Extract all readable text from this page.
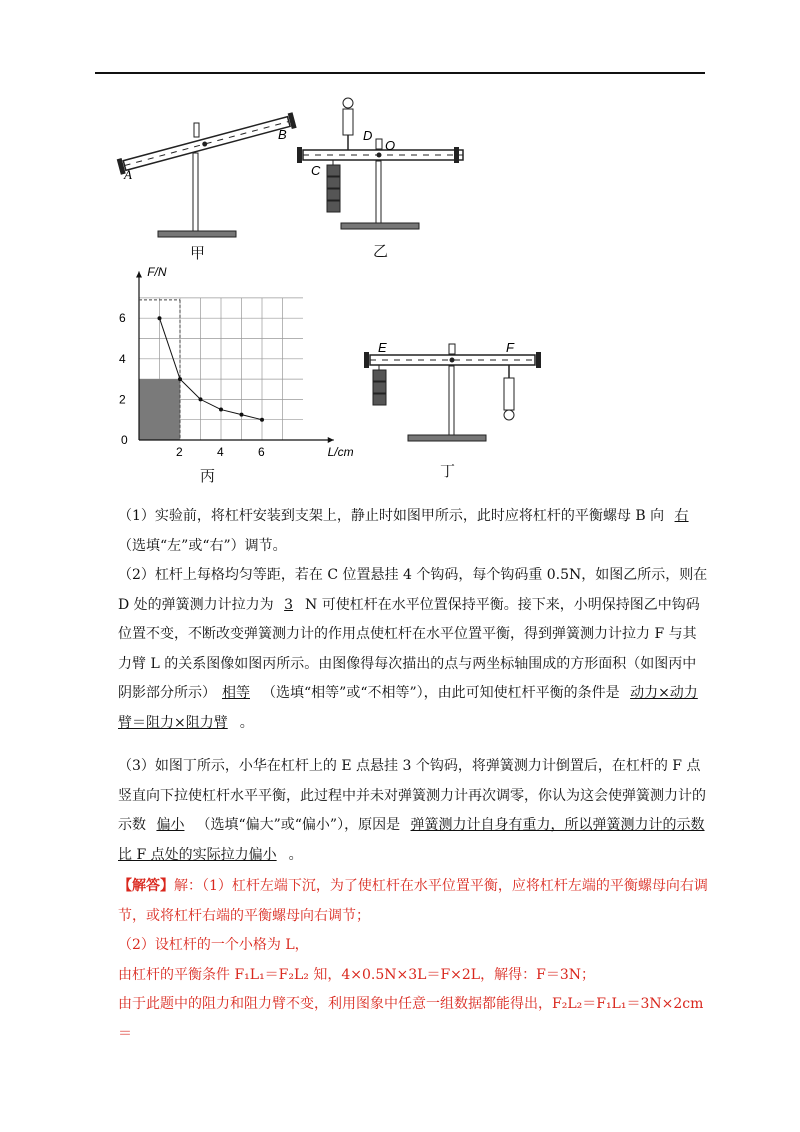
A
B
甲
C
D
O
乙
2	4	6
6
4
2
0
L/cm
F/N
丙
E	F
丁

（1）实验前，将杠杆安装到支架上，静止时如图甲所示，此时应将杠杆的平衡螺母 B 向 右

（选填“左”或“右”）调节。

（2）杠杆上每格均匀等距，若在 C 位置悬挂 4 个钩码，每个钩码重 0.5N，如图乙所示，则在 D 处的弹簧测力计拉力为 3 N 可使杠杆在水平位置保持平衡。接下来，小明保持图乙中钩码位置不变，不断改变弹簧测力计的作用点使杠杆在水平位置平衡，得到弹簧测力计拉力 F 与其力臂 L 的关系图像如图丙所示。由图像得每次描出的点与两坐标轴围成的方形面积（如图丙中阴影部分所示） 相等 （选填“相等”或“不相等”），由此可知使杠杆平衡的条件是 动力×动力臂＝阻力×阻力臂 。

（3）如图丁所示，小华在杠杆上的 E 点悬挂 3 个钩码，将弹簧测力计倒置后，在杠杆的 F 点竖直向下拉使杠杆水平平衡，此过程中并未对弹簧测力计再次调零，你认为这会使弹簧测力计的示数 偏小 （选填“偏大”或“偏小”），原因是 弹簧测力计自身有重力，所以弹簧测力计的示数比 F 点处的实际拉力偏小 。

【解答】解：（1）杠杆左端下沉，为了使杠杆在水平位置平衡，应将杠杆左端的平衡螺母向右调节，或将杠杆右端的平衡螺母向右调节；

（2）设杠杆的一个小格为 L，

由杠杆的平衡条件 F₁L₁＝F₂L₂ 知，4×0.5N×3L＝F×2L，解得：F＝3N；

由于此题中的阻力和阻力臂不变，利用图象中任意一组数据都能得出，F₂L₂＝F₁L₁＝3N×2cm＝
